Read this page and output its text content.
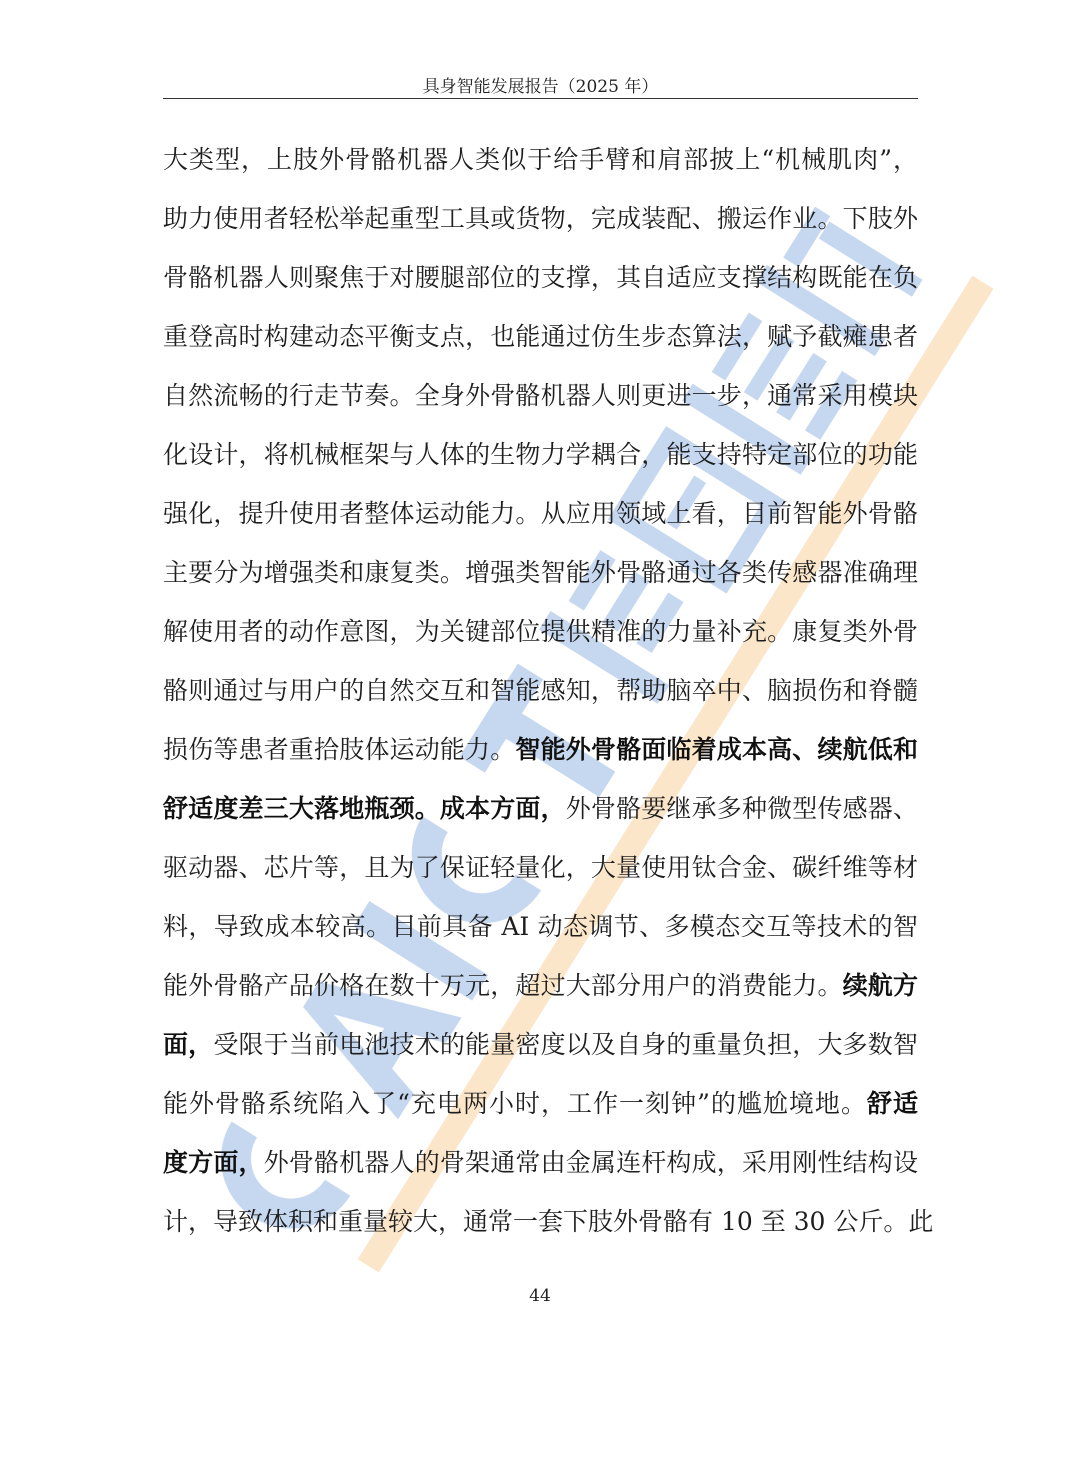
具身智能发展报告（2025 年）
大类型，上肢外骨骼机器人类似于给手臂和肩部披上“机械肌肉”，
助力使用者轻松举起重型工具或货物，完成装配、搬运作业。下肢外
骨骼机器人则聚焦于对腰腿部位的支撑，其自适应支撑结构既能在负
重登高时构建动态平衡支点，也能通过仿生步态算法，赋予截瘫患者
自然流畅的行走节奏。全身外骨骼机器人则更进一步，通常采用模块
化设计，将机械框架与人体的生物力学耦合，能支持特定部位的功能
强化，提升使用者整体运动能力。从应用领域上看，目前智能外骨骼
主要分为增强类和康复类。增强类智能外骨骼通过各类传感器准确理
解使用者的动作意图，为关键部位提供精准的力量补充。康复类外骨
骼则通过与用户的自然交互和智能感知，帮助脑卒中、脑损伤和脊髓
损伤等患者重拾肢体运动能力。智能外骨骼面临着成本高、续航低和
舒适度差三大落地瓶颈。成本方面，外骨骼要继承多种微型传感器、
驱动器、芯片等，且为了保证轻量化，大量使用钛合金、碳纤维等材
料，导致成本较高。目前具备 AI 动态调节、多模态交互等技术的智
能外骨骼产品价格在数十万元，超过大部分用户的消费能力。续航方
面，受限于当前电池技术的能量密度以及自身的重量负担，大多数智
能外骨骼系统陷入了“充电两小时，工作一刻钟”的尴尬境地。舒适
度方面，外骨骼机器人的骨架通常由金属连杆构成，采用刚性结构设
计，导致体积和重量较大，通常一套下肢外骨骼有 10 至 30 公斤。此
44
